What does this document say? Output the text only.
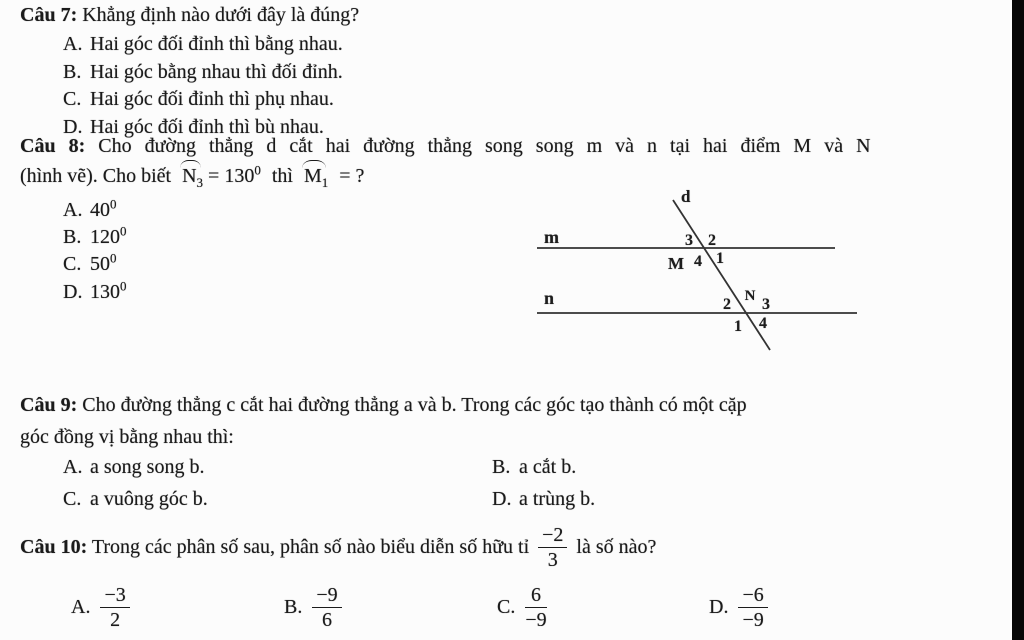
Câu 7: Khẳng định nào dưới đây là đúng?
A. Hai góc đối đỉnh thì bằng nhau.
B. Hai góc bằng nhau thì đối đỉnh.
C. Hai góc đối đỉnh thì phụ nhau.
D. Hai góc đối đỉnh thì bù nhau.
Câu 8: Cho đường thẳng d cắt hai đường thẳng song song m và n tại hai điểm M và N
(hình vẽ). Cho biết $N_3 = 130^0$ thì $M_1$ = ?
A. $40^0$
B. $120^0$
C. $50^0$
D. $130^0$
d
m
n
3 2
M 4 1
2 N 3
1 4
Câu 9: Cho đường thẳng c cắt hai đường thẳng a và b. Trong các góc tạo thành có một cặp
góc đồng vị bằng nhau thì:
A. a song song b.	B. a cắt b.
C. a vuông góc b.	D. a trùng b.
Câu 10: Trong các phân số sau, phân số nào biểu diễn số hữu tỉ $\frac{-2}{3}$ là số nào?
A. $\frac{-3}{2}$	B. $\frac{-9}{6}$	C. $\frac{6}{-9}$	D. $\frac{-6}{-9}$
